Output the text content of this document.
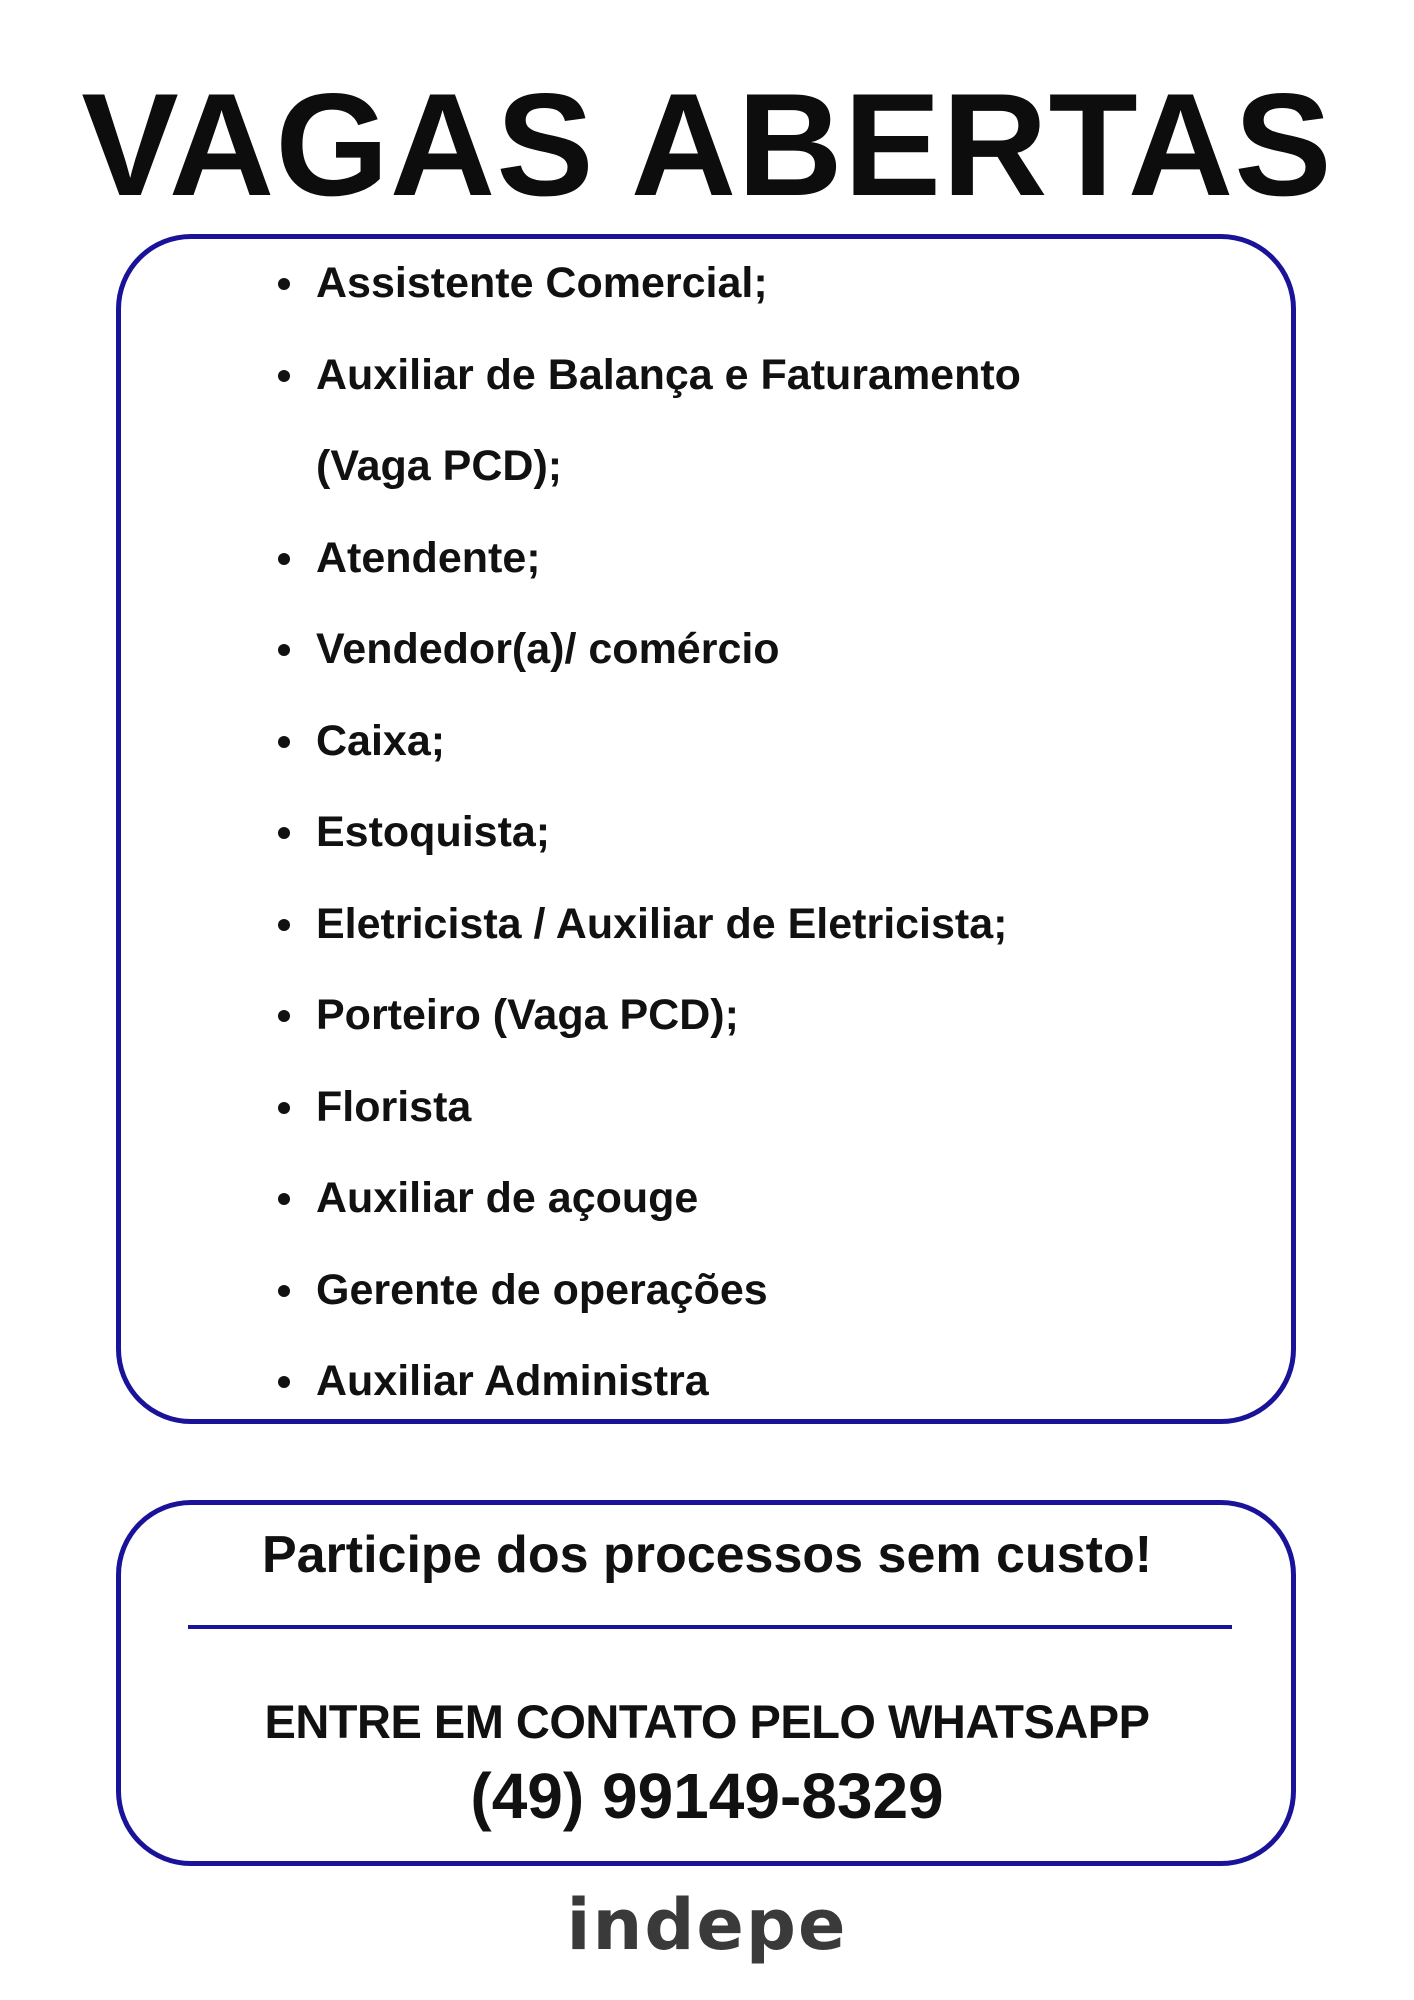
VAGAS ABERTAS
Assistente Comercial;
Auxiliar de Balança e Faturamento
(Vaga PCD);
Atendente;
Vendedor(a)/ comércio
Caixa;
Estoquista;
Eletricista / Auxiliar de Eletricista;
Porteiro (Vaga PCD);
Florista
Auxiliar de açouge
Gerente de operações
Auxiliar Administra
Participe dos processos sem custo!
ENTRE EM CONTATO PELO WHATSAPP
(49) 99149-8329
indepe
